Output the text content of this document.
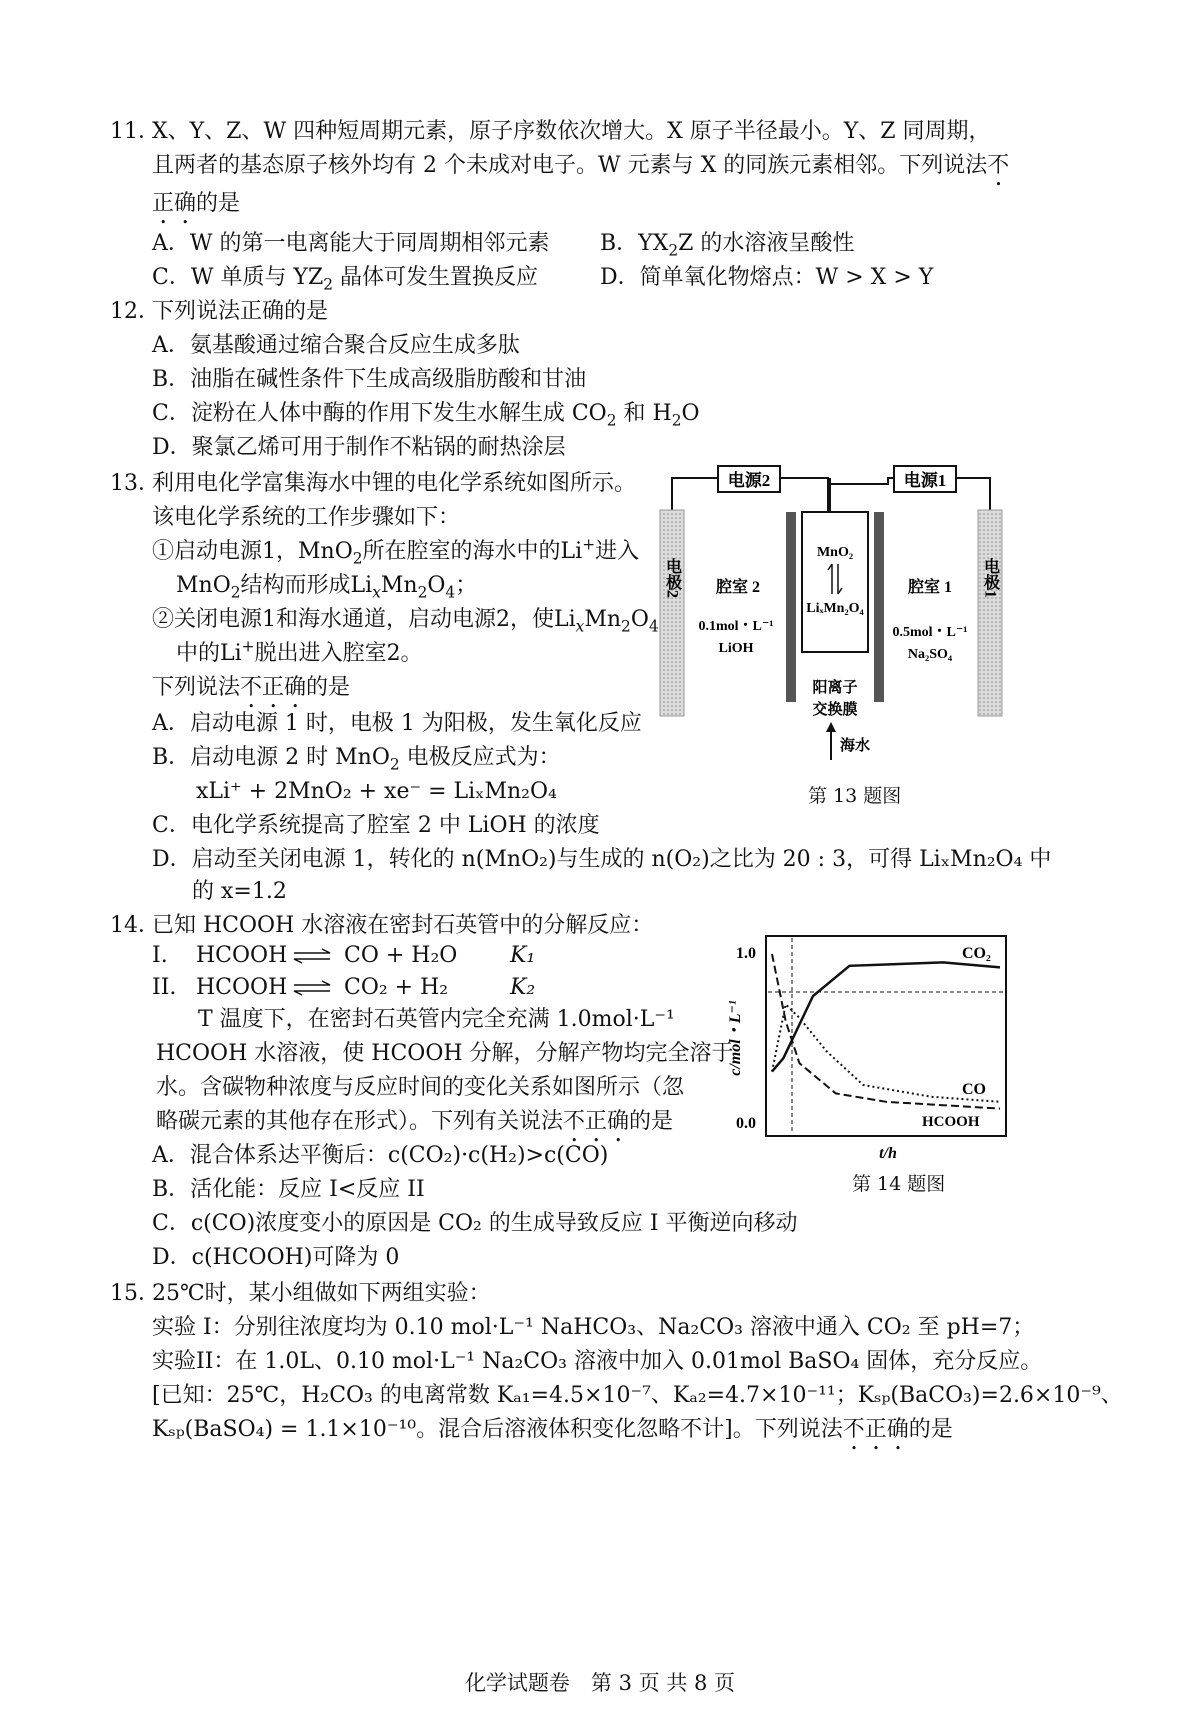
11．
X、Y、Z、W 四种短周期元素，原子序数依次增大。X 原子半径最小。Y、Z 同周期，
且两者的基态原子核外均有 2 个未成对电子。W 元素与 X 的同族元素相邻。下列说法不
正确的是
A．W 的第一电离能大于同周期相邻元素 B．$YX_2Z$ 的水溶液呈酸性
C．W 单质与 $YZ_2$ 晶体可发生置换反应	D．简单氧化物熔点：W > X > Y
12．
下列说法正确的是
A．氨基酸通过缩合聚合反应生成多肽
B．油脂在碱性条件下生成高级脂肪酸和甘油
C．淀粉在人体中酶的作用下发生水解生成 $CO_2$ 和 $H_2O$
D．聚氯乙烯可用于制作不粘锅的耐热涂层
13．
利用电化学富集海水中锂的电化学系统如图所示。
该电化学系统的工作步骤如下：
①启动电源1，MnO$_2$所在腔室的海水中的Li+进入
MnO$_2$结构而形成$Li_xMn_2O_4$；
②关闭电源1和海水通道，启动电源2，使$Li_xMn_2O_4$
中的Li+脱出进入腔室2。
下列说法不正确的是
A．启动电源 1 时，电极 1 为阳极，发生氧化反应
B．启动电源 2 时 MnO$_2$ 电极反应式为：
xLi⁺ + 2MnO₂ + xe⁻ = LiₓMn₂O₄
C．电化学系统提高了腔室 2 中 LiOH 的浓度
D．启动至关闭电源 1，转化的 n(MnO₂)与生成的 n(O₂)之比为 20 : 3，可得 LiₓMn₂O₄ 中
的 x=1.2
电源2	电源1
电极2	电极1
MnO₂
LiₓMn₂O₄
腔室 2
0.1mol・L⁻¹
LiOH
腔室 1
0.5mol・L⁻¹
Na₂SO₄
阳离子
交换膜
海水
第 13 题图
14．
已知 HCOOH 水溶液在密封石英管中的分解反应：
I. HCOOH	CO + H₂O K₁
II. HCOOH	CO₂ + H₂	K₂
T 温度下，在密封石英管内完全充满 1.0mol·L⁻¹
HCOOH 水溶液，使 HCOOH 分解，分解产物均完全溶于
水。含碳物种浓度与反应时间的变化关系如图所示（忽
略碳元素的其他存在形式）。下列有关说法不正确的是
A．混合体系达平衡后：c(CO₂)·c(H₂)>c(CO)
B．活化能：反应 I<反应 II
C．c(CO)浓度变小的原因是 CO₂ 的生成导致反应 I 平衡逆向移动
D．c(HCOOH)可降为 0
1.0
0.0
c/mol・L⁻¹
t/h
CO₂
CO
HCOOH
第 14 题图
15．
25℃时，某小组做如下两组实验：
实验 I：分别往浓度均为 0.10 mol·L⁻¹ NaHCO₃、Na₂CO₃ 溶液中通入 CO₂ 至 pH=7；
实验II：在 1.0L、0.10 mol·L⁻¹ Na₂CO₃ 溶液中加入 0.01mol BaSO₄ 固体，充分反应。
[已知：25℃，H₂CO₃ 的电离常数 Kₐ₁=4.5×10⁻⁷、Kₐ₂=4.7×10⁻¹¹；Kₛₚ(BaCO₃)=2.6×10⁻⁹、
Kₛₚ(BaSO₄) = 1.1×10⁻¹⁰。混合后溶液体积变化忽略不计]。下列说法不正确的是
化学试题卷　第 3 页 共 8 页
